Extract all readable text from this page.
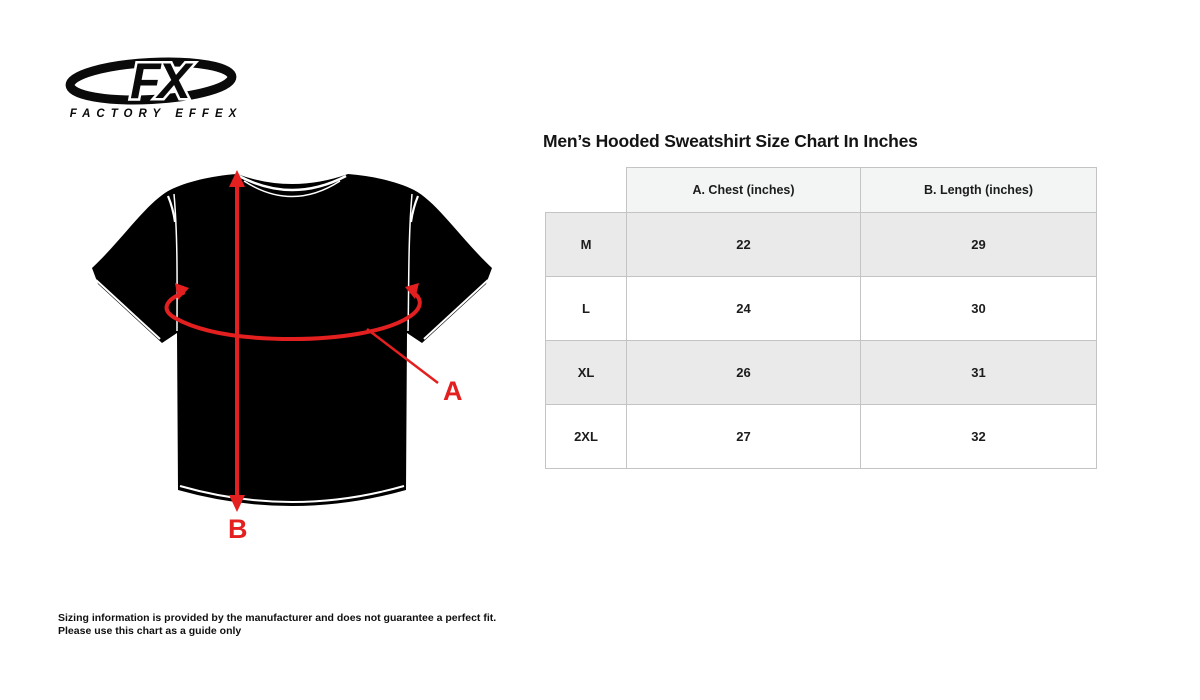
FX
FACTORY EFFEX
A
B
Men’s Hooded Sweatshirt Size Chart In Inches
	A. Chest (inches)	B. Length (inches)
M	22	29
L	24	30
XL	26	31
2XL	27	32
Sizing information is provided by the manufacturer and does not guarantee a perfect fit.
Please use this chart as a guide only
